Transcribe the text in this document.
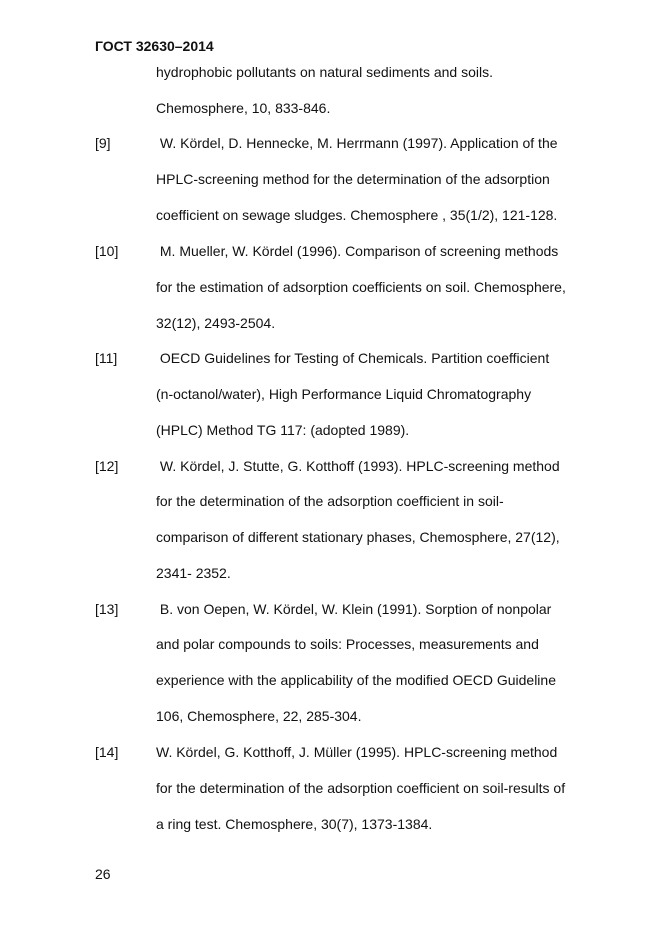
ГОСТ 32630–2014
hydrophobic pollutants on natural sediments and soils.
Chemosphere, 10, 833-846.
[9]	W. Kördel, D. Hennecke, M. Herrmann (1997). Application of the
HPLC-screening method for the determination of the adsorption
coefficient on sewage sludges. Chemosphere , 35(1/2), 121-128.
[10]	M. Mueller, W. Kördel (1996). Comparison of screening methods
for the estimation of adsorption coefficients on soil. Chemosphere,
32(12), 2493-2504.
[11]	OECD Guidelines for Testing of Chemicals. Partition coefficient
(n-octanol/water), High Performance Liquid Chromatography
(HPLC) Method TG 117: (adopted 1989).
[12]	W. Kördel, J. Stutte, G. Kotthoff (1993). HPLC-screening method
for the determination of the adsorption coefficient in soil-
comparison of different stationary phases, Chemosphere, 27(12),
2341- 2352.
[13]	B. von Oepen, W. Kördel, W. Klein (1991). Sorption of nonpolar
and polar compounds to soils: Processes, measurements and
experience with the applicability of the modified OECD Guideline
106, Chemosphere, 22, 285-304.
[14]	W. Kördel, G. Kotthoff, J. Müller (1995). HPLC-screening method
for the determination of the adsorption coefficient on soil-results of
a ring test. Chemosphere, 30(7), 1373-1384.
26
